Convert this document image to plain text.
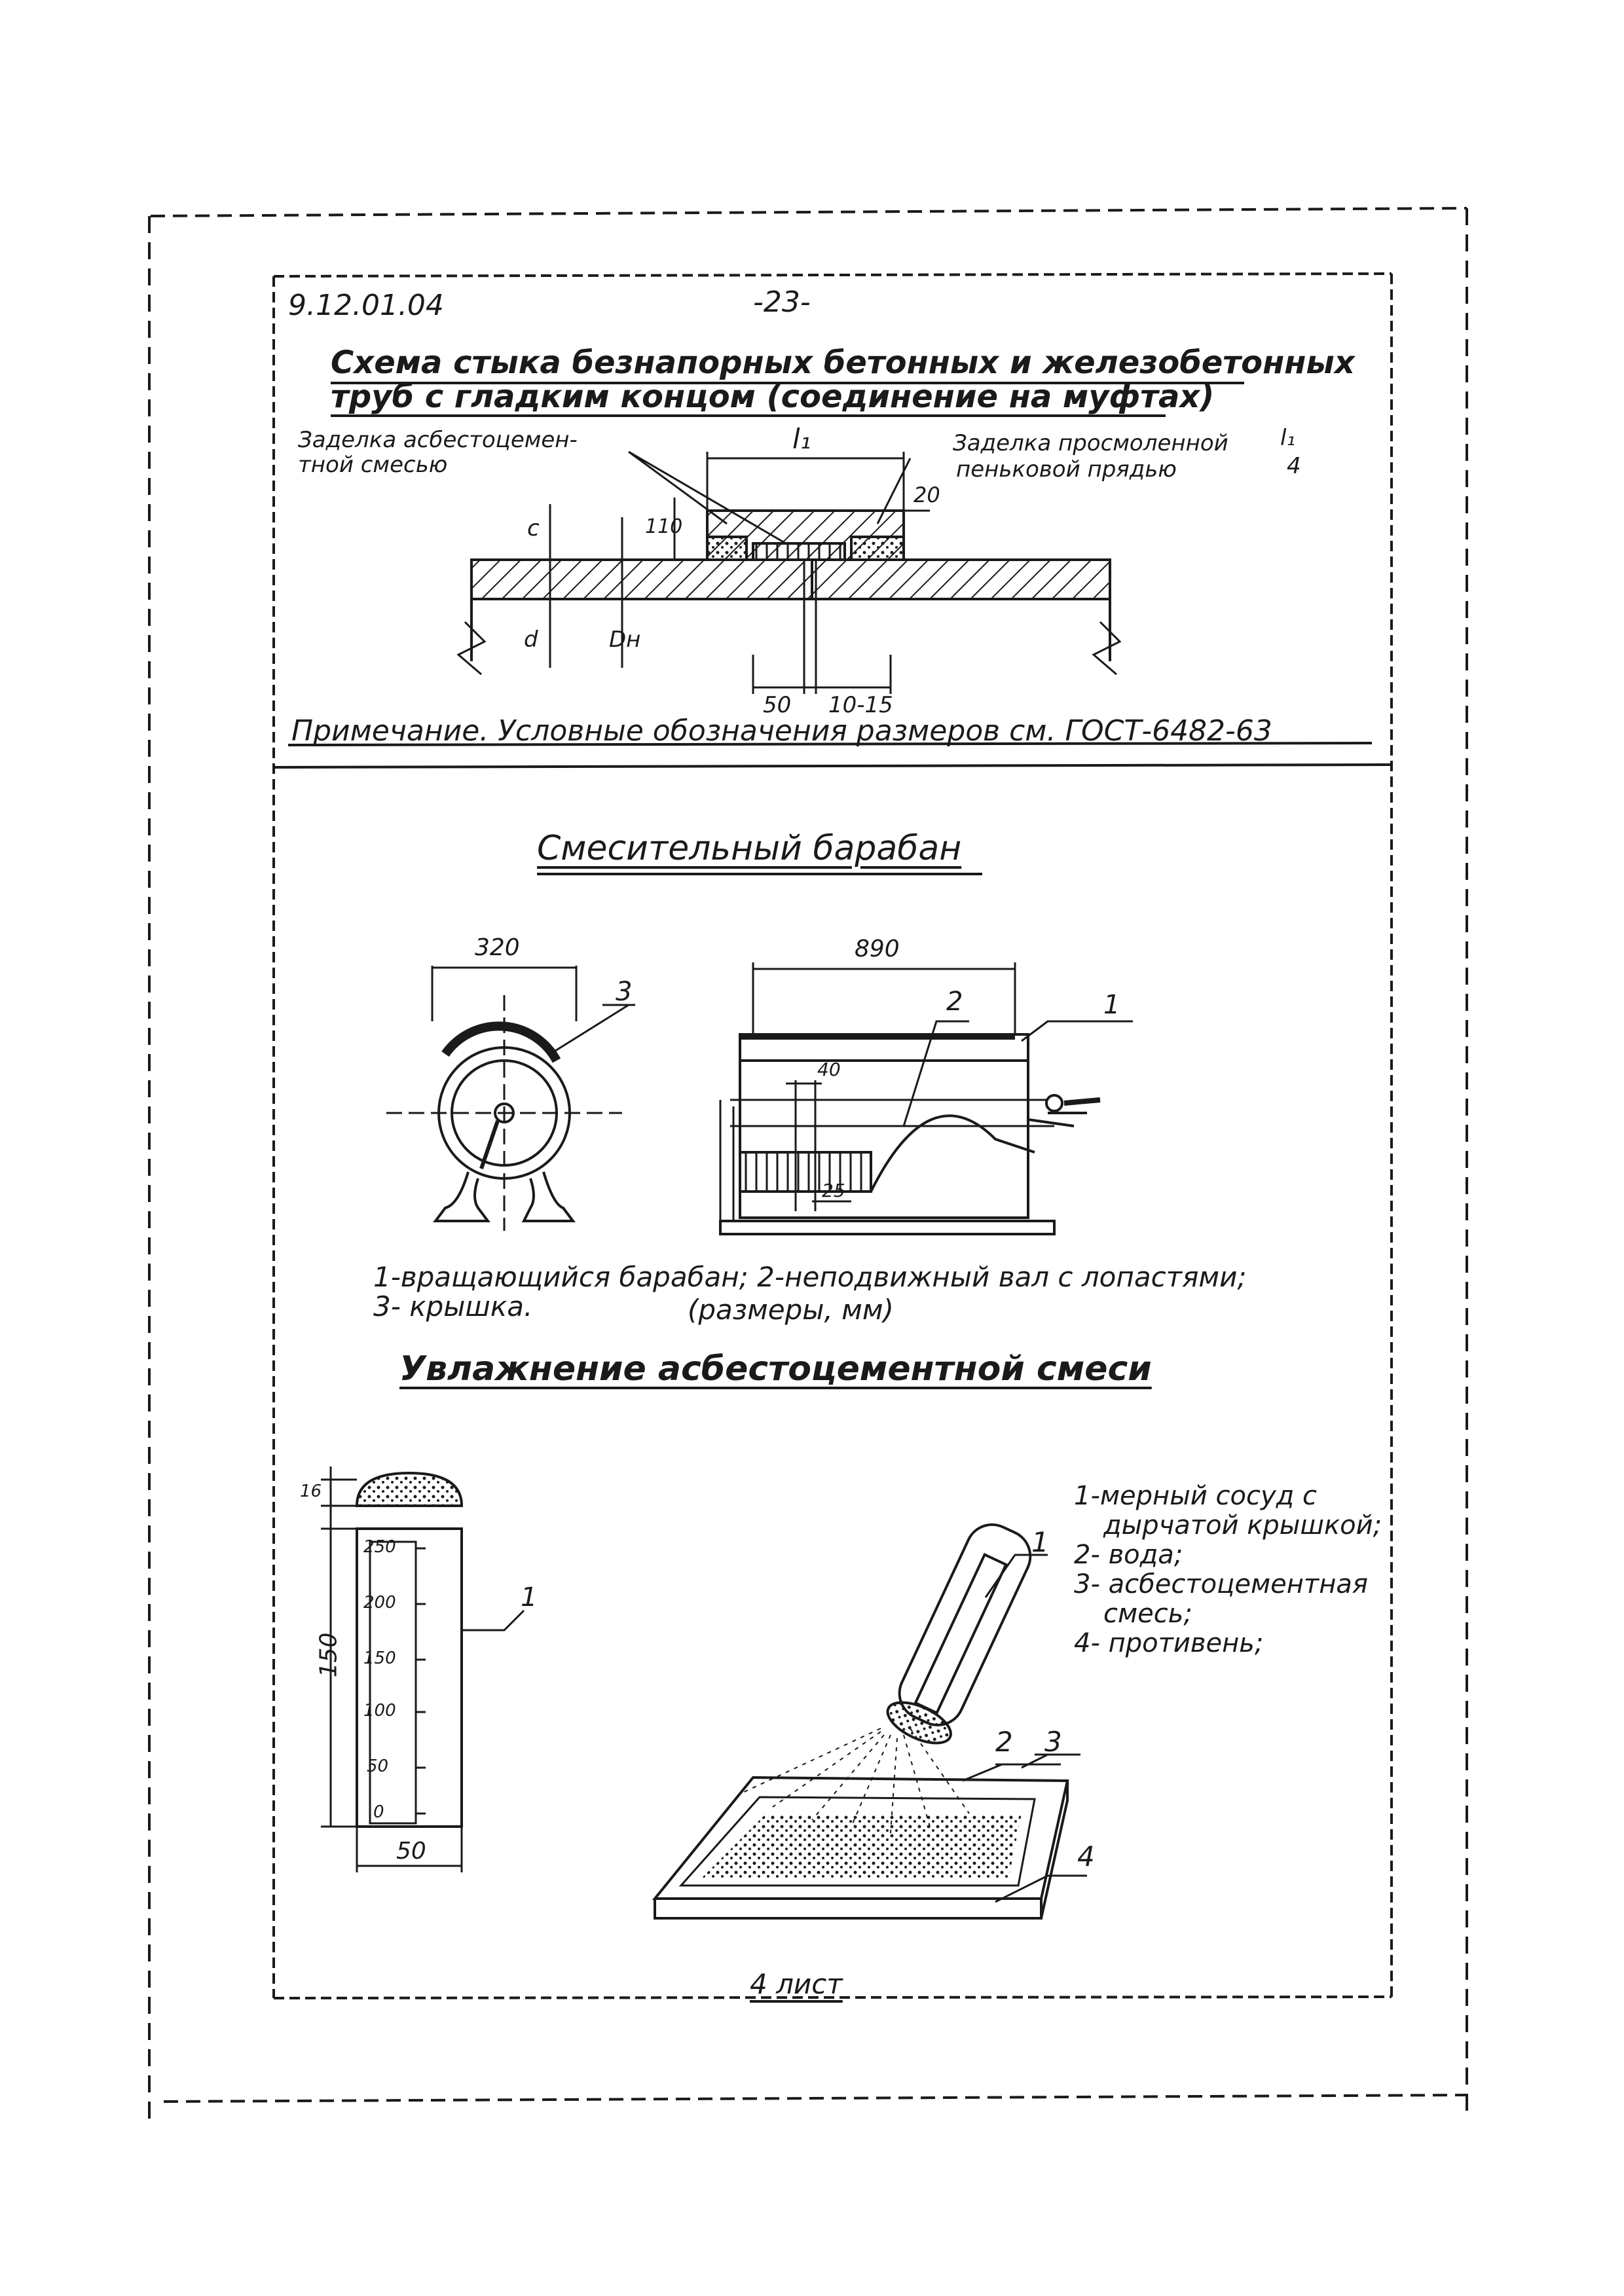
9.12.01.04	-23-
Схема стыка безнапорных бетонных и железобетонных
труб с гладким концом (соединение на муфтах)
Заделка асбестоцемен-
тной смесью
Заделка просмоленной
пеньковой прядью
l₁
4
l₁
110
20
c
d	Dн
50 10-15
Примечание. Условные обозначения размеров см. ГОСТ-6482-63
Смесительный барабан
320	890
40
25
1
2
3
1-вращающийся барабан; 2-неподвижный вал с лопастями;
3- крышка.	(размеры, мм)
Увлажнение асбестоцементной смеси
16
150
50
250
200
150
100
50
0
1
1-мерный сосуд с
дырчатой крышкой;
2- вода;
3- асбестоцементная
смесь;
4- противень;
1
2 3
4
4 лист
